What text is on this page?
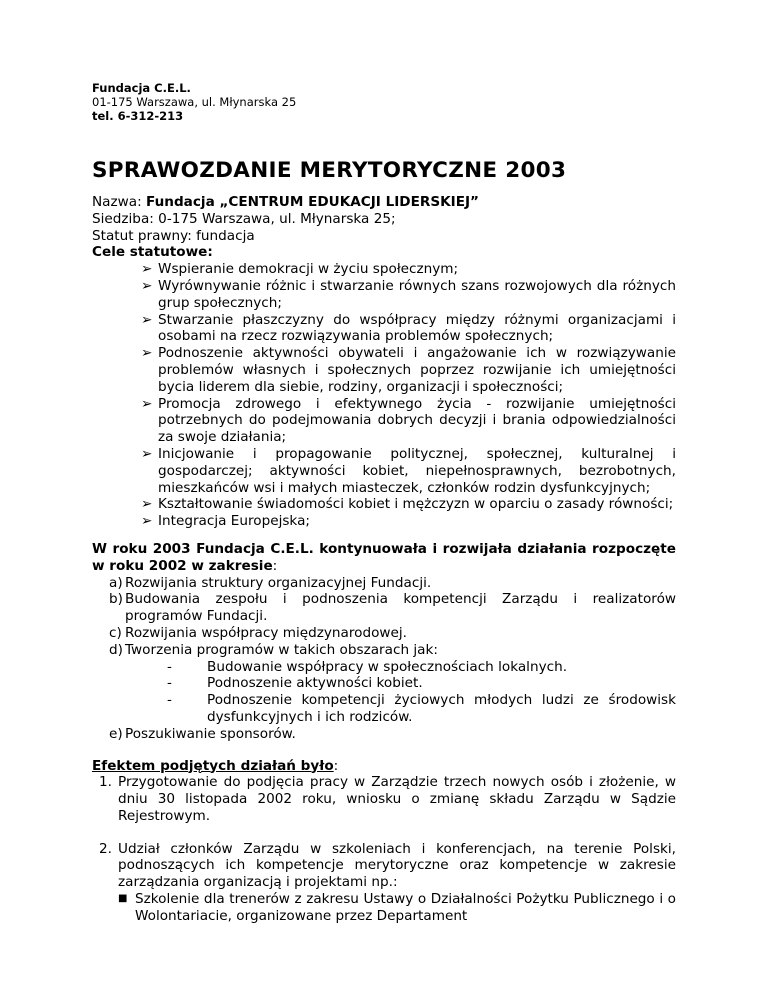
Fundacja C.E.L.
01-175 Warszawa, ul. Młynarska 25
tel. 6-312-213
SPRAWOZDANIE MERYTORYCZNE 2003

Nazwa: Fundacja „CENTRUM EDUKACJI LIDERSKIEJ”

Siedziba: 0-175 Warszawa, ul. Młynarska 25;

Statut prawny: fundacja

Cele statutowe:

➢ Wspieranie demokracji w życiu społecznym;
➢ Wyrównywanie różnic i stwarzanie równych szans rozwojowych dla różnych grup społecznych;
➢ Stwarzanie płaszczyzny do współpracy między różnymi organizacjami i osobami na rzecz rozwiązywania problemów społecznych;
➢ Podnoszenie aktywności obywateli i angażowanie ich w rozwiązywanie problemów własnych i społecznych poprzez rozwijanie ich umiejętności bycia liderem dla siebie, rodziny, organizacji i społeczności;
➢ Promocja zdrowego i efektywnego życia - rozwijanie umiejętności potrzebnych do podejmowania dobrych decyzji i brania odpowiedzialności za swoje działania;
➢ Inicjowanie i propagowanie politycznej, społecznej, kulturalnej i gospodarczej; aktywności kobiet, niepełnosprawnych, bezrobotnych, mieszkańców wsi i małych miasteczek, członków rodzin dysfunkcyjnych;
➢ Kształtowanie świadomości kobiet i mężczyzn w oparciu o zasady równości;
➢ Integracja Europejska;

W roku 2003 Fundacja C.E.L. kontynuowała i rozwijała działania rozpoczęte

w roku 2002 w zakresie:

a) Rozwijania struktury organizacyjnej Fundacji.
b) Budowania zespołu i podnoszenia kompetencji Zarządu i realizatorów programów Fundacji.
c) Rozwijania współpracy międzynarodowej.
d) Tworzenia programów w takich obszarach jak:
-	Budowanie współpracy w społecznościach lokalnych.
-	Podnoszenie aktywności kobiet.
-	Podnoszenie kompetencji życiowych młodych ludzi ze środowisk dysfunkcyjnych i ich rodziców.
e) Poszukiwanie sponsorów.

Efektem podjętych działań było:

1. Przygotowanie do podjęcia pracy w Zarządzie trzech nowych osób i złożenie, w dniu 30 listopada 2002 roku, wniosku o zmianę składu Zarządu w Sądzie Rejestrowym.
2. Udział członków Zarządu w szkoleniach i konferencjach, na terenie Polski, podnoszących ich kompetencje merytoryczne oraz kompetencje w zakresie zarządzania organizacją i projektami np.:
■ Szkolenie dla trenerów z zakresu Ustawy o Działalności Pożytku Publicznego i o Wolontariacie, organizowane przez Departament
